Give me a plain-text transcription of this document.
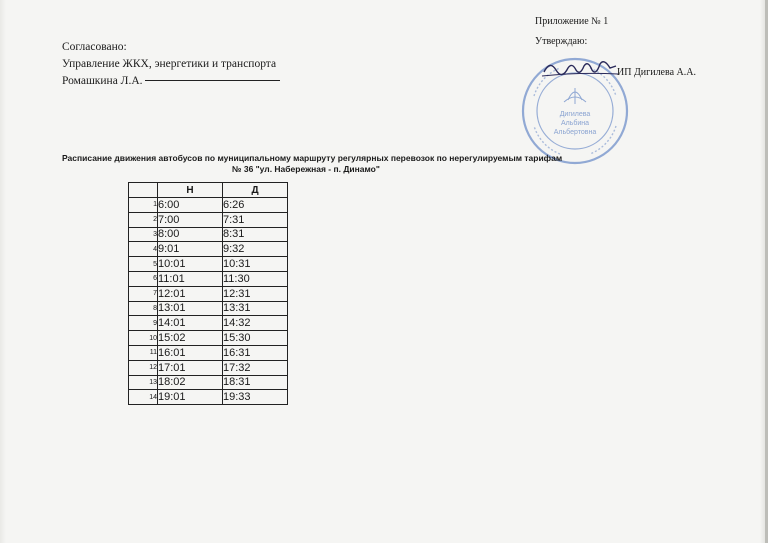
Согласовано:
Управление ЖКХ, энергетики и транспорта
Ромашкина Л.А.
Приложение № 1
Утверждаю:
Дигилева
Альбина
Альбертовна
ИП Дигилева А.А.
Расписание движения автобусов по муниципальному маршруту регулярных перевозок по нерегулируемым тарифам
№ 36 "ул. Набережная - п. Динамо"
	Н	Д
1	6:00	6:26
2	7:00	7:31
3	8:00	8:31
4	9:01	9:32
5	10:01	10:31
6	11:01	11:30
7	12:01	12:31
8	13:01	13:31
9	14:01	14:32
10	15:02	15:30
11	16:01	16:31
12	17:01	17:32
13	18:02	18:31
14	19:01	19:33
